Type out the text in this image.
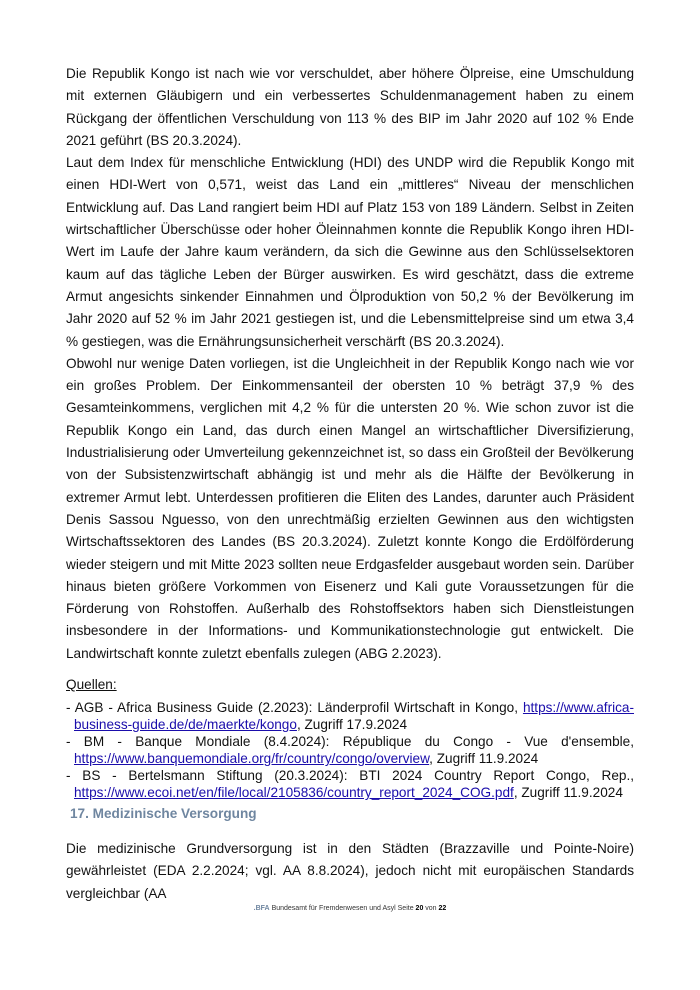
Die Republik Kongo ist nach wie vor verschuldet, aber höhere Ölpreise, eine Umschuldung mit externen Gläubigern und ein verbessertes Schuldenmanagement haben zu einem Rückgang der öffentlichen Verschuldung von 113 % des BIP im Jahr 2020 auf 102 % Ende 2021 geführt (BS 20.3.2024).

Laut dem Index für menschliche Entwicklung (HDI) des UNDP wird die Republik Kongo mit einen HDI-Wert von 0,571, weist das Land ein „mittleres“ Niveau der menschlichen Entwicklung auf. Das Land rangiert beim HDI auf Platz 153 von 189 Ländern. Selbst in Zeiten wirtschaftlicher Überschüsse oder hoher Öleinnahmen konnte die Republik Kongo ihren HDI-Wert im Laufe der Jahre kaum verändern, da sich die Gewinne aus den Schlüsselsektoren kaum auf das tägliche Leben der Bürger auswirken. Es wird geschätzt, dass die extreme Armut angesichts sinkender Einnahmen und Ölproduktion von 50,2 % der Bevölkerung im Jahr 2020 auf 52 % im Jahr 2021 gestiegen ist, und die Lebensmittelpreise sind um etwa 3,4 % gestiegen, was die Ernährungsunsicherheit verschärft (BS 20.3.2024).

Obwohl nur wenige Daten vorliegen, ist die Ungleichheit in der Republik Kongo nach wie vor ein großes Problem. Der Einkommensanteil der obersten 10 % beträgt 37,9 % des Gesamteinkommens, verglichen mit 4,2 % für die untersten 20 %. Wie schon zuvor ist die Republik Kongo ein Land, das durch einen Mangel an wirtschaftlicher Diversifizierung, Industrialisierung oder Umverteilung gekennzeichnet ist, so dass ein Großteil der Bevölkerung von der Subsistenzwirtschaft abhängig ist und mehr als die Hälfte der Bevölkerung in extremer Armut lebt. Unterdessen profitieren die Eliten des Landes, darunter auch Präsident Denis Sassou Nguesso, von den unrechtmäßig erzielten Gewinnen aus den wichtigsten Wirtschaftssektoren des Landes (BS 20.3.2024). Zuletzt konnte Kongo die Erdölförderung wieder steigern und mit Mitte 2023 sollten neue Erdgasfelder ausgebaut worden sein. Darüber hinaus bieten größere Vorkommen von Eisenerz und Kali gute Voraussetzungen für die Förderung von Rohstoffen. Außerhalb des Rohstoffsektors haben sich Dienstleistungen insbesondere in der Informations- und Kommunikationstechnologie gut entwickelt. Die Landwirtschaft konnte zuletzt ebenfalls zulegen (ABG 2.2023).

Quellen:
- AGB - Africa Business Guide (2.2023): Länderprofil Wirtschaft in Kongo, https://www.africa-business-guide.de/de/maerkte/kongo, Zugriff 17.9.2024
- BM - Banque Mondiale (8.4.2024): République du Congo - Vue d'ensemble, https://www.banquemondiale.org/fr/country/congo/overview, Zugriff 11.9.2024
- BS - Bertelsmann Stiftung (20.3.2024): BTI 2024 Country Report Congo, Rep., https://www.ecoi.net/en/file/local/2105836/country_report_2024_COG.pdf, Zugriff 11.9.2024
17. Medizinische Versorgung

Die medizinische Grundversorgung ist in den Städten (Brazzaville und Pointe-Noire) gewährleistet (EDA 2.2.2024; vgl. AA 8.8.2024), jedoch nicht mit europäischen Standards vergleichbar (AA

.BFA Bundesamt für Fremdenwesen und Asyl Seite 20 von 22
